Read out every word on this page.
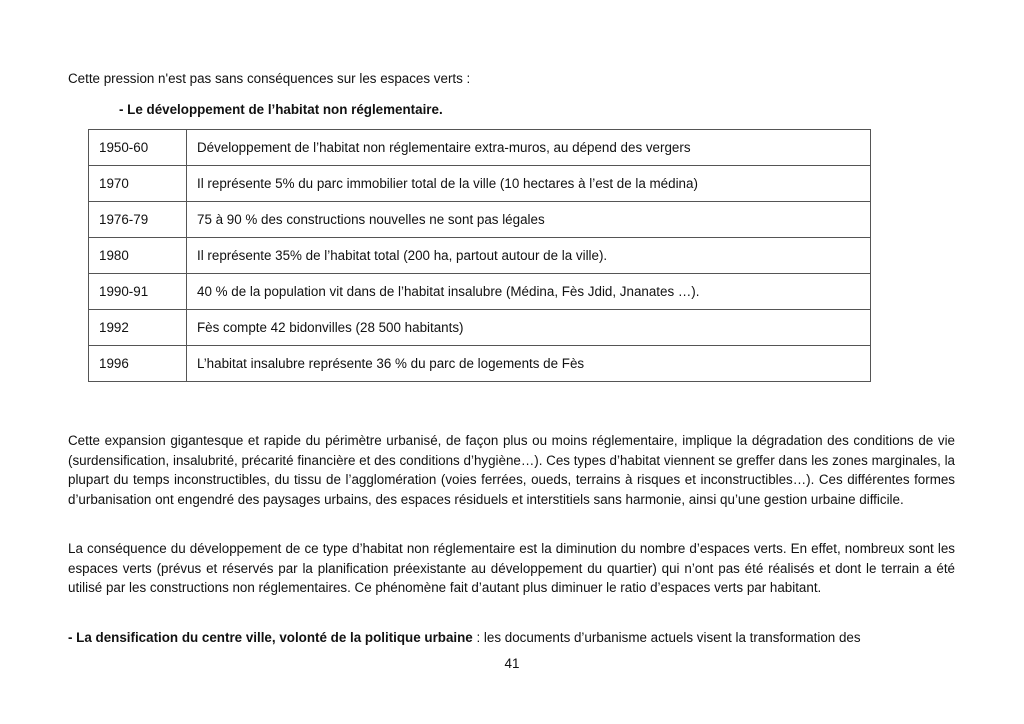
Cette pression n'est pas sans conséquences sur les espaces verts :
- Le développement de l’habitat non réglementaire.
1950-60	Développement de l’habitat non réglementaire extra-muros, au dépend des vergers
1970	Il représente 5% du parc immobilier total de la ville (10 hectares à l’est de la médina)
1976-79	75 à 90 % des constructions nouvelles ne sont pas légales
1980	Il représente 35% de l’habitat total (200 ha, partout autour de la ville).
1990-91	40 % de la population vit dans de l’habitat insalubre (Médina, Fès Jdid, Jnanates …).
1992	Fès compte 42 bidonvilles (28 500 habitants)
1996	L’habitat insalubre représente 36 % du parc de logements de Fès

Cette expansion gigantesque et rapide du périmètre urbanisé, de façon plus ou moins réglementaire, implique la dégradation des conditions de vie (surdensification, insalubrité, précarité financière et des conditions d’hygiène…). Ces types d’habitat viennent se greffer dans les zones marginales, la plupart du temps inconstructibles, du tissu de l’agglomération (voies ferrées, oueds, terrains à risques et inconstructibles…). Ces différentes formes d’urbanisation ont engendré des paysages urbains, des espaces résiduels et interstitiels sans harmonie, ainsi qu’une gestion urbaine difficile.

La conséquence du développement de ce type d’habitat non réglementaire est la diminution du nombre d’espaces verts. En effet, nombreux sont les espaces verts (prévus et réservés par la planification préexistante au développement du quartier) qui n’ont pas été réalisés et dont le terrain a été utilisé par les constructions non réglementaires. Ce phénomène fait d’autant plus diminuer le ratio d’espaces verts par habitant.

- La densification du centre ville, volonté de la politique urbaine : les documents d’urbanisme actuels visent la transformation des

41
